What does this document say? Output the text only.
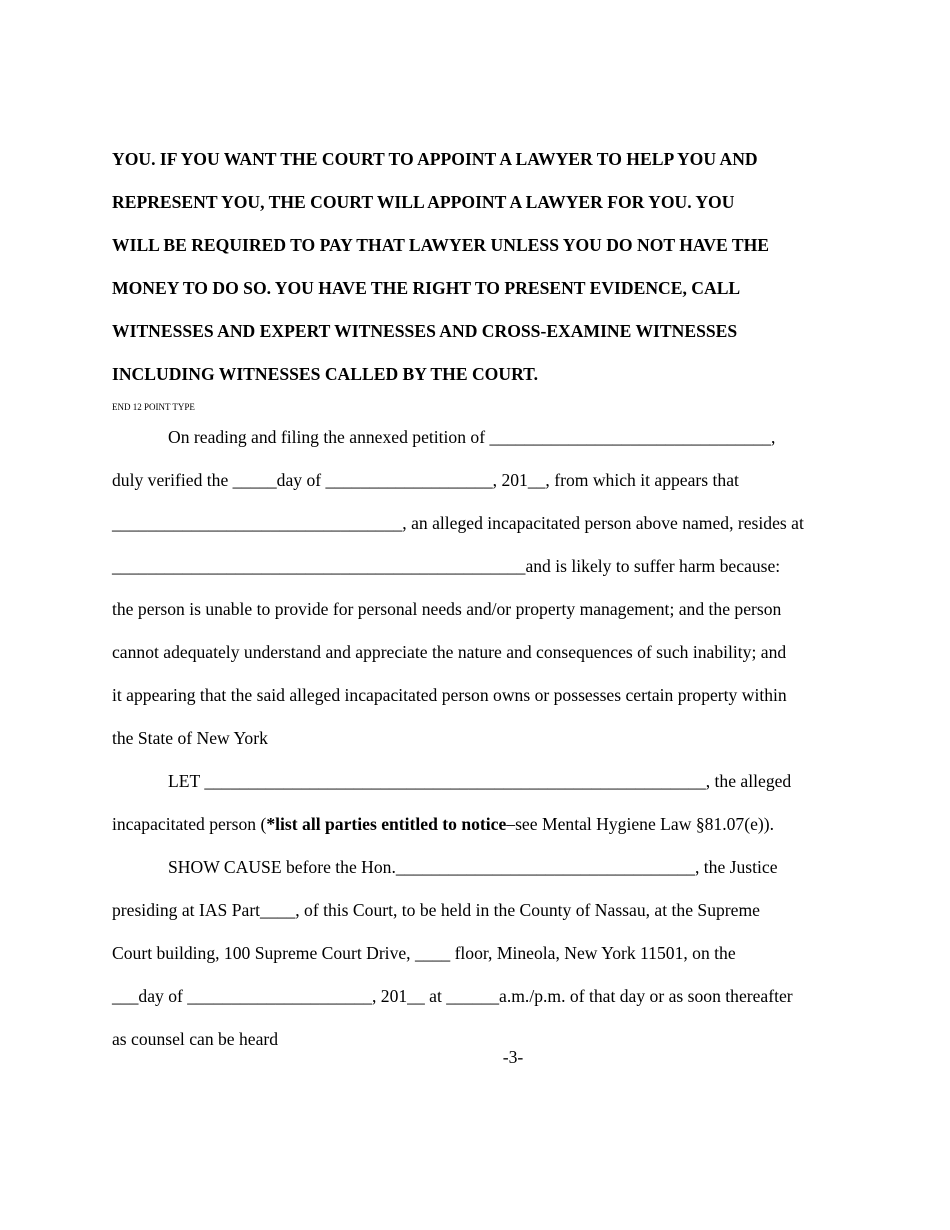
YOU. IF YOU WANT THE COURT TO APPOINT A LAWYER TO HELP YOU AND
REPRESENT YOU, THE COURT WILL APPOINT A LAWYER FOR YOU. YOU
WILL BE REQUIRED TO PAY THAT LAWYER UNLESS YOU DO NOT HAVE THE
MONEY TO DO SO. YOU HAVE THE RIGHT TO PRESENT EVIDENCE, CALL
WITNESSES AND EXPERT WITNESSES AND CROSS-EXAMINE WITNESSES
INCLUDING WITNESSES CALLED BY THE COURT.
END 12 POINT TYPE
On reading and filing the annexed petition of ________________________________,
duly verified the _____day of ___________________, 201__, from which it appears that
_________________________________, an alleged incapacitated person above named, resides at
_______________________________________________and is likely to suffer harm because:
the person is unable to provide for personal needs and/or property management; and the person
cannot adequately understand and appreciate the nature and consequences of such inability; and
it appearing that the said alleged incapacitated person owns or possesses certain property within
the State of New York
LET _________________________________________________________, the alleged
incapacitated person (*list all parties entitled to notice–see Mental Hygiene Law §81.07(e)).
SHOW CAUSE before the Hon.__________________________________, the Justice
presiding at IAS Part____, of this Court, to be held in the County of Nassau, at the Supreme
Court building, 100 Supreme Court Drive, ____ floor, Mineola, New York 11501, on the
___day of _____________________, 201__ at ______a.m./p.m. of that day or as soon thereafter
as counsel can be heard
-3-
